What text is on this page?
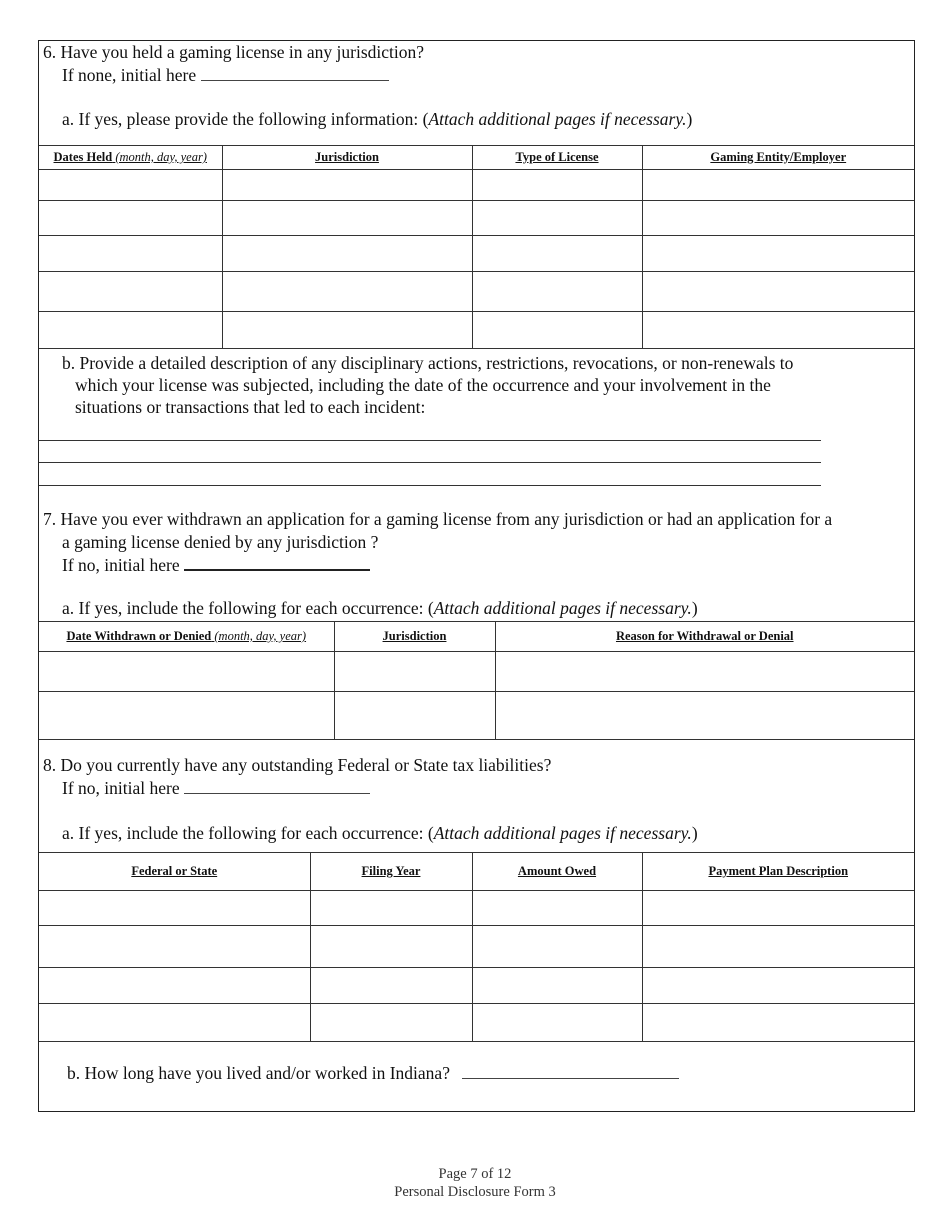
6. Have you held a gaming license in any jurisdiction?
If none, initial here
a. If yes, please provide the following information: (Attach additional pages if necessary.)
Dates Held (month, day, year)	Jurisdiction	Type of License	Gaming Entity/Employer

b. Provide a detailed description of any disciplinary actions, restrictions, revocations, or non-renewals to
which your license was subjected, including the date of the occurrence and your involvement in the
situations or transactions that led to each incident:
7. Have you ever withdrawn an application for a gaming license from any jurisdiction or had an application for a
a gaming license denied by any jurisdiction ?
If no, initial here
a. If yes, include the following for each occurrence: (Attach additional pages if necessary.)
Date Withdrawn or Denied (month, day, year)	Jurisdiction	Reason for Withdrawal or Denial

8. Do you currently have any outstanding Federal or State tax liabilities?
If no, initial here
a. If yes, include the following for each occurrence: (Attach additional pages if necessary.)
Federal or State	Filing Year	Amount Owed	Payment Plan Description

b. How long have you lived and/or worked in Indiana?
Page 7 of 12
Personal Disclosure Form 3
